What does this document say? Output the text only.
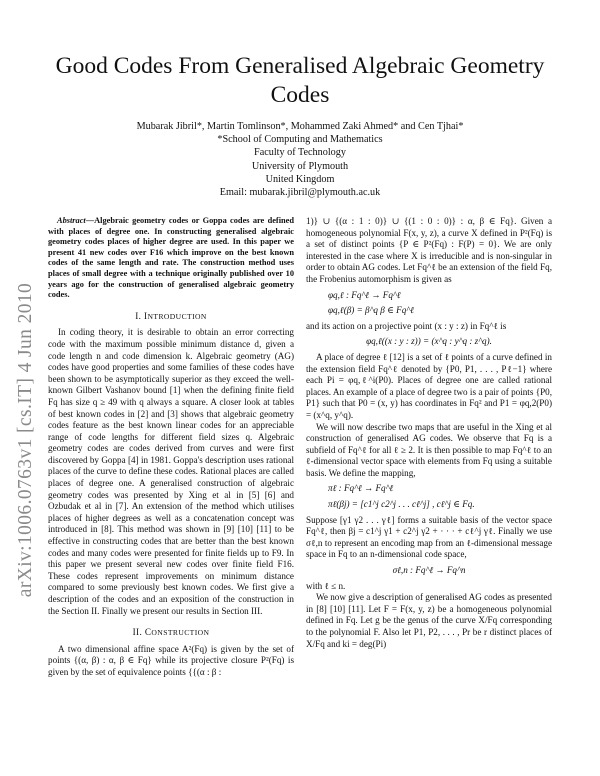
arXiv:1006.0763v1 [cs.IT] 4 Jun 2010
Good Codes From Generalised Algebraic Geometry
Codes
Mubarak Jibril*, Martin Tomlinson*, Mohammed Zaki Ahmed* and Cen Tjhai*
*School of Computing and Mathematics
Faculty of Technology
University of Plymouth
United Kingdom
Email: mubarak.jibril@plymouth.ac.uk

Abstract—Algebraic geometry codes or Goppa codes are defined with places of degree one. In constructing generalised algebraic geometry codes places of higher degree are used. In this paper we present 41 new codes over F16 which improve on the best known codes of the same length and rate. The construction method uses places of small degree with a technique originally published over 10 years ago for the construction of generalised algebraic geometry codes.

I. INTRODUCTION

In coding theory, it is desirable to obtain an error correcting code with the maximum possible minimum distance d, given a code length n and code dimension k. Algebraic geometry (AG) codes have good properties and some families of these codes have been shown to be asymptotically superior as they exceed the well-known Gilbert Vashanov bound [1] when the defining finite field Fq has size q ≥ 49 with q always a square. A closer look at tables of best known codes in [2] and [3] shows that algebraic geometry codes feature as the best known linear codes for an appreciable range of code lengths for different field sizes q. Algebraic geometry codes are codes derived from curves and were first discovered by Goppa [4] in 1981. Goppa's description uses rational places of the curve to define these codes. Rational places are called places of degree one. A generalised construction of algebraic geometry codes was presented by Xing et al in [5] [6] and Ozbudak et al in [7]. An extension of the method which utilises places of higher degrees as well as a concatenation concept was introduced in [8]. This method was shown in [9] [10] [11] to be effective in constructing codes that are better than the best known codes and many codes were presented for finite fields up to F9. In this paper we present several new codes over finite field F16. These codes represent improvements on minimum distance compared to some previously best known codes. We first give a description of the codes and an exposition of the construction in the Section II. Finally we present our results in Section III.

II. CONSTRUCTION

A two dimensional affine space A²(Fq) is given by the set of points {(α, β) : α, β ∈ Fq} while its projective closure P²(Fq) is given by the set of equivalence points {{(α : β :

1)} ∪ {(α : 1 : 0)} ∪ {(1 : 0 : 0)} : α, β ∈ Fq}. Given a homogeneous polynomial F(x, y, z), a curve X defined in P²(Fq) is a set of distinct points {P ∈ P²(Fq) : F(P) = 0}. We are only interested in the case where X is irreducible and is non-singular in order to obtain AG codes. Let Fq^ℓ be an extension of the field Fq, the Frobenius automorphism is given as

φq,ℓ : Fq^ℓ → Fq^ℓ
φq,ℓ(β) = β^q β ∈ Fq^ℓ

and its action on a projective point (x : y : z) in Fq^ℓ is

φq,ℓ((x : y : z)) = (x^q : y^q : z^q).

A place of degree ℓ [12] is a set of ℓ points of a curve defined in the extension field Fq^ℓ denoted by {P0, P1, . . . , Pℓ−1} where each Pi = φq,ℓ^i(P0). Places of degree one are called rational places. An example of a place of degree two is a pair of points {P0, P1} such that P0 = (x, y) has coordinates in Fq² and P1 = φq,2(P0) = (x^q, y^q).

We will now describe two maps that are useful in the Xing et al construction of generalised AG codes. We observe that Fq is a subfield of Fq^ℓ for all ℓ ≥ 2. It is then possible to map Fq^ℓ to an ℓ-dimensional vector space with elements from Fq using a suitable basis. We define the mapping,

πℓ : Fq^ℓ → Fq^ℓ
πℓ(βj) = [c1^j c2^j . . . cℓ^j] , cℓ^j ∈ Fq.

Suppose [γ1 γ2 . . . γℓ] forms a suitable basis of the vector space Fq^ℓ, then βj = c1^j γ1 + c2^j γ2 + · · · + cℓ^j γℓ. Finally we use σℓ,n to represent an encoding map from an ℓ-dimensional message space in Fq to an n-dimensional code space,

σℓ,n : Fq^ℓ → Fq^n

with ℓ ≤ n.

We now give a description of generalised AG codes as presented in [8] [10] [11]. Let F = F(x, y, z) be a homogeneous polynomial defined in Fq. Let g be the genus of the curve X/Fq corresponding to the polynomial F. Also let P1, P2, . . . , Pr be r distinct places of X/Fq and ki = deg(Pi)
